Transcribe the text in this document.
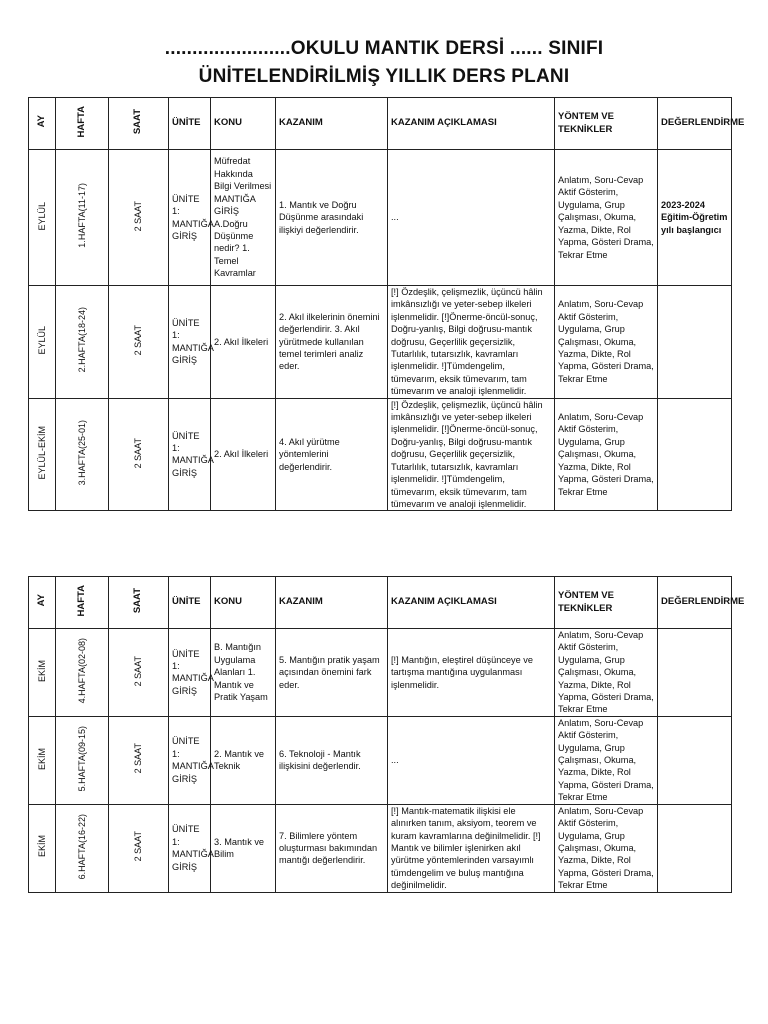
.......................OKULU MANTIK DERSİ ...... SINIFI
ÜNİTELENDİRİLMİŞ YILLIK DERS PLANI
AY	HAFTA	SAAT	ÜNİTE	KONU	KAZANIM	KAZANIM AÇIKLAMASI	YÖNTEM VE TEKNİKLER	DEĞERLENDİRME
EYLÜL	1.HAFTA(11-17)	2 SAAT	ÜNİTE 1: MANTIĞA GİRİŞ	Müfredat Hakkında Bilgi Verilmesi MANTIĞA GİRİŞ A.Doğru Düşünme nedir? 1. Temel Kavramlar	1. Mantık ve Doğru Düşünme arasındaki ilişkiyi değerlendirir.	...	Anlatım, Soru-Cevap Aktif Gösterim, Uygulama, Grup Çalışması, Okuma, Yazma, Dikte, Rol Yapma, Gösteri Drama, Tekrar Etme	2023-2024 Eğitim-Öğretim yılı başlangıcı
EYLÜL	2.HAFTA(18-24)	2 SAAT	ÜNİTE 1: MANTIĞA GİRİŞ	2. Akıl İlkeleri	2. Akıl ilkelerinin önemini değerlendirir. 3. Akıl yürütmede kullanılan temel terimleri analiz eder.	[!] Özdeşlik, çelişmezlik, üçüncü hâlin imkânsızlığı ve yeter-sebep ilkeleri işlenmelidir. [!]Önerme-öncül-sonuç, Doğru-yanlış, Bilgi doğrusu-mantık doğrusu, Geçerlilik geçersizlik, Tutarlılık, tutarsızlık, kavramları işlenmelidir. !]Tümdengelim, tümevarım, eksik tümevarım, tam tümevarım ve analoji işlenmelidir.	Anlatım, Soru-Cevap Aktif Gösterim, Uygulama, Grup Çalışması, Okuma, Yazma, Dikte, Rol Yapma, Gösteri Drama, Tekrar Etme	
EYLÜL-EKİM	3.HAFTA(25-01)	2 SAAT	ÜNİTE 1: MANTIĞA GİRİŞ	2. Akıl İlkeleri	4. Akıl yürütme yöntemlerini değerlendirir.	[!] Özdeşlik, çelişmezlik, üçüncü hâlin imkânsızlığı ve yeter-sebep ilkeleri işlenmelidir. [!]Önerme-öncül-sonuç, Doğru-yanlış, Bilgi doğrusu-mantık doğrusu, Geçerlilik geçersizlik, Tutarlılık, tutarsızlık, kavramları işlenmelidir. !]Tümdengelim, tümevarım, eksik tümevarım, tam tümevarım ve analoji işlenmelidir.	Anlatım, Soru-Cevap Aktif Gösterim, Uygulama, Grup Çalışması, Okuma, Yazma, Dikte, Rol Yapma, Gösteri Drama, Tekrar Etme	
AY	HAFTA	SAAT	ÜNİTE	KONU	KAZANIM	KAZANIM AÇIKLAMASI	YÖNTEM VE TEKNİKLER	DEĞERLENDİRME
EKİM	4.HAFTA(02-08)	2 SAAT	ÜNİTE 1: MANTIĞA GİRİŞ	B. Mantığın Uygulama Alanları 1. Mantık ve Pratik Yaşam	5. Mantığın pratik yaşam açısından önemini fark eder.	[!] Mantığın, eleştirel düşünceye ve tartışma mantığına uygulanması işlenmelidir.	Anlatım, Soru-Cevap Aktif Gösterim, Uygulama, Grup Çalışması, Okuma, Yazma, Dikte, Rol Yapma, Gösteri Drama, Tekrar Etme	
EKİM	5.HAFTA(09-15)	2 SAAT	ÜNİTE 1: MANTIĞA GİRİŞ	2. Mantık ve Teknik	6. Teknoloji - Mantık ilişkisini değerlendir.	...	Anlatım, Soru-Cevap Aktif Gösterim, Uygulama, Grup Çalışması, Okuma, Yazma, Dikte, Rol Yapma, Gösteri Drama, Tekrar Etme	
EKİM	6.HAFTA(16-22)	2 SAAT	ÜNİTE 1: MANTIĞA GİRİŞ	3. Mantık ve Bilim	7. Bilimlere yöntem oluşturması bakımından mantığı değerlendirir.	[!] Mantık-matematik ilişkisi ele alınırken tanım, aksiyom, teorem ve kuram kavramlarına değinilmelidir. [!] Mantık ve bilimler işlenirken akıl yürütme yöntemlerinden varsayımlı tümdengelim ve buluş mantığına değinilmelidir.	Anlatım, Soru-Cevap Aktif Gösterim, Uygulama, Grup Çalışması, Okuma, Yazma, Dikte, Rol Yapma, Gösteri Drama, Tekrar Etme	
